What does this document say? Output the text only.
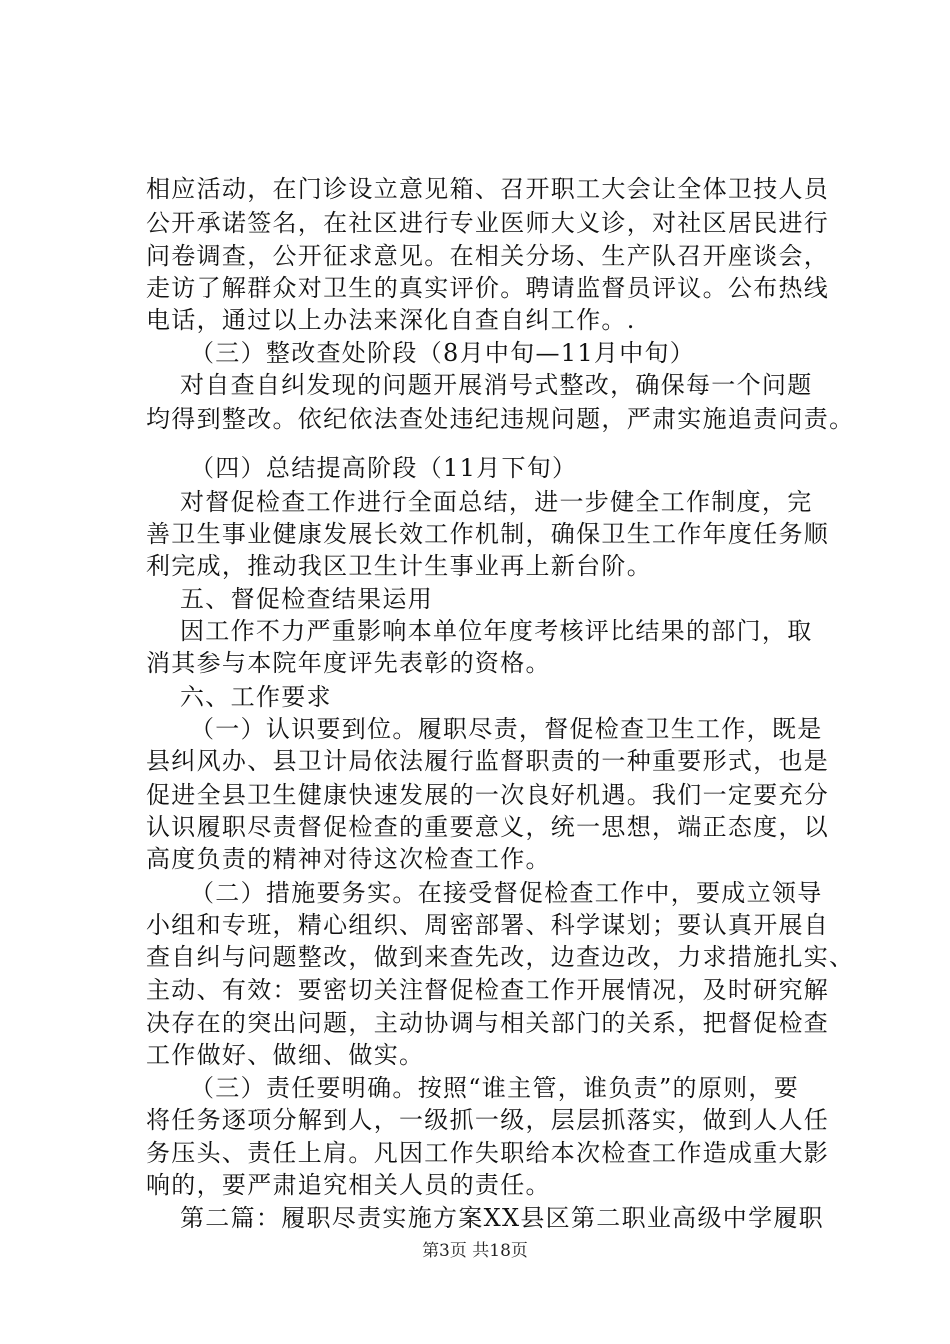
相应活动，在门诊设立意见箱、召开职工大会让全体卫技人员
公开承诺签名，在社区进行专业医师大义诊，对社区居民进行
问卷调查，公开征求意见。在相关分场、生产队召开座谈会，
走访了解群众对卫生的真实评价。聘请监督员评议。公布热线
电话，通过以上办法来深化自查自纠工作。.
（三）整改查处阶段（8月中旬—11月中旬）
对自查自纠发现的问题开展消号式整改，确保每一个问题
均得到整改。依纪依法查处违纪违规问题，严肃实施追责问责。
（四）总结提高阶段（11月下旬）
对督促检查工作进行全面总结，进一步健全工作制度，完
善卫生事业健康发展长效工作机制，确保卫生工作年度任务顺
利完成，推动我区卫生计生事业再上新台阶。
五、督促检查结果运用
因工作不力严重影响本单位年度考核评比结果的部门，取
消其参与本院年度评先表彰的资格。
六、工作要求
（一）认识要到位。履职尽责，督促检查卫生工作，既是
县纠风办、县卫计局依法履行监督职责的一种重要形式，也是
促进全县卫生健康快速发展的一次良好机遇。我们一定要充分
认识履职尽责督促检查的重要意义，统一思想，端正态度，以
高度负责的精神对待这次检查工作。
（二）措施要务实。在接受督促检查工作中，要成立领导
小组和专班，精心组织、周密部署、科学谋划；要认真开展自
查自纠与问题整改，做到来查先改，边查边改，力求措施扎实、
主动、有效：要密切关注督促检查工作开展情况，及时研究解
决存在的突出问题，主动协调与相关部门的关系，把督促检查
工作做好、做细、做实。
（三）责任要明确。按照“谁主管，谁负责”的原则，要
将任务逐项分解到人，一级抓一级，层层抓落实，做到人人任
务压头、责任上肩。凡因工作失职给本次检查工作造成重大影
响的，要严肃追究相关人员的责任。
第二篇：履职尽责实施方案XX县区第二职业高级中学履职
第3页 共18页
